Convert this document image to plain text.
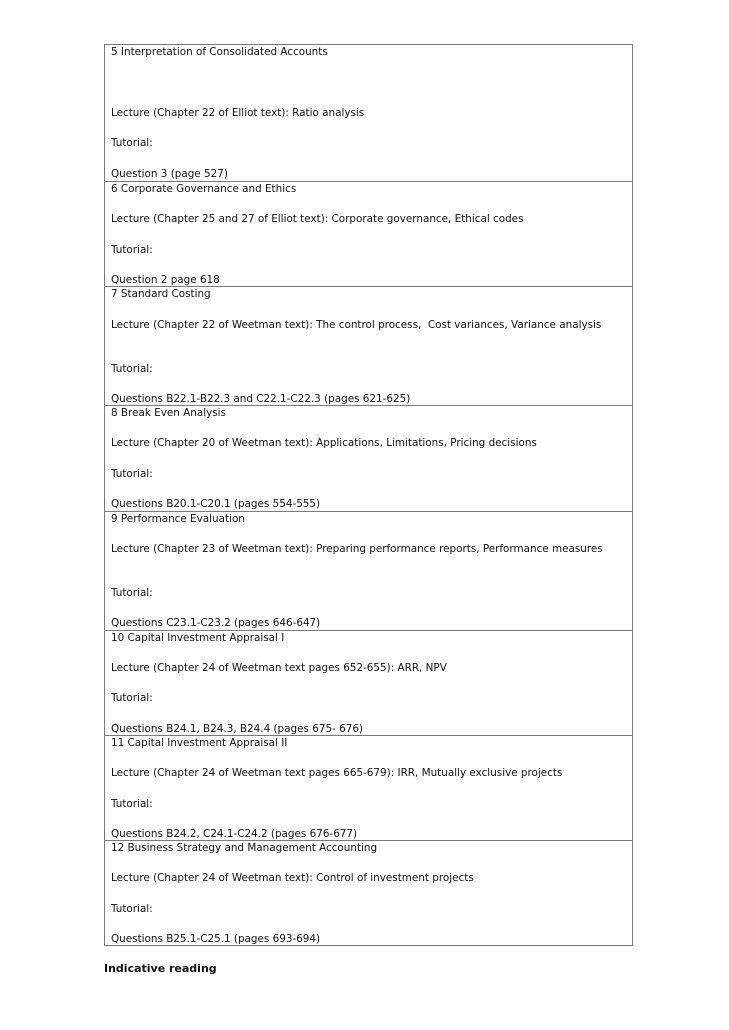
5 Interpretation of Consolidated Accounts
Lecture (Chapter 22 of Elliot text): Ratio analysis
Tutorial:
Question 3 (page 527)
6 Corporate Governance and Ethics
Lecture (Chapter 25 and 27 of Elliot text): Corporate governance, Ethical codes
Tutorial:
Question 2 page 618
7 Standard Costing
Lecture (Chapter 22 of Weetman text): The control process,  Cost variances, Variance analysis
Tutorial:
Questions B22.1-B22.3 and C22.1-C22.3 (pages 621-625)
8 Break Even Analysis
Lecture (Chapter 20 of Weetman text): Applications, Limitations, Pricing decisions
Tutorial:
Questions B20.1-C20.1 (pages 554-555)
9 Performance Evaluation
Lecture (Chapter 23 of Weetman text): Preparing performance reports, Performance measures
Tutorial:
Questions C23.1-C23.2 (pages 646-647)
10 Capital Investment Appraisal I
Lecture (Chapter 24 of Weetman text pages 652-655): ARR, NPV
Tutorial:
Questions B24.1, B24.3, B24.4 (pages 675- 676)
11 Capital Investment Appraisal II
Lecture (Chapter 24 of Weetman text pages 665-679): IRR, Mutually exclusive projects
Tutorial:
Questions B24.2, C24.1-C24.2 (pages 676-677)
12 Business Strategy and Management Accounting
Lecture (Chapter 24 of Weetman text): Control of investment projects
Tutorial:
Questions B25.1-C25.1 (pages 693-694)
Indicative reading
